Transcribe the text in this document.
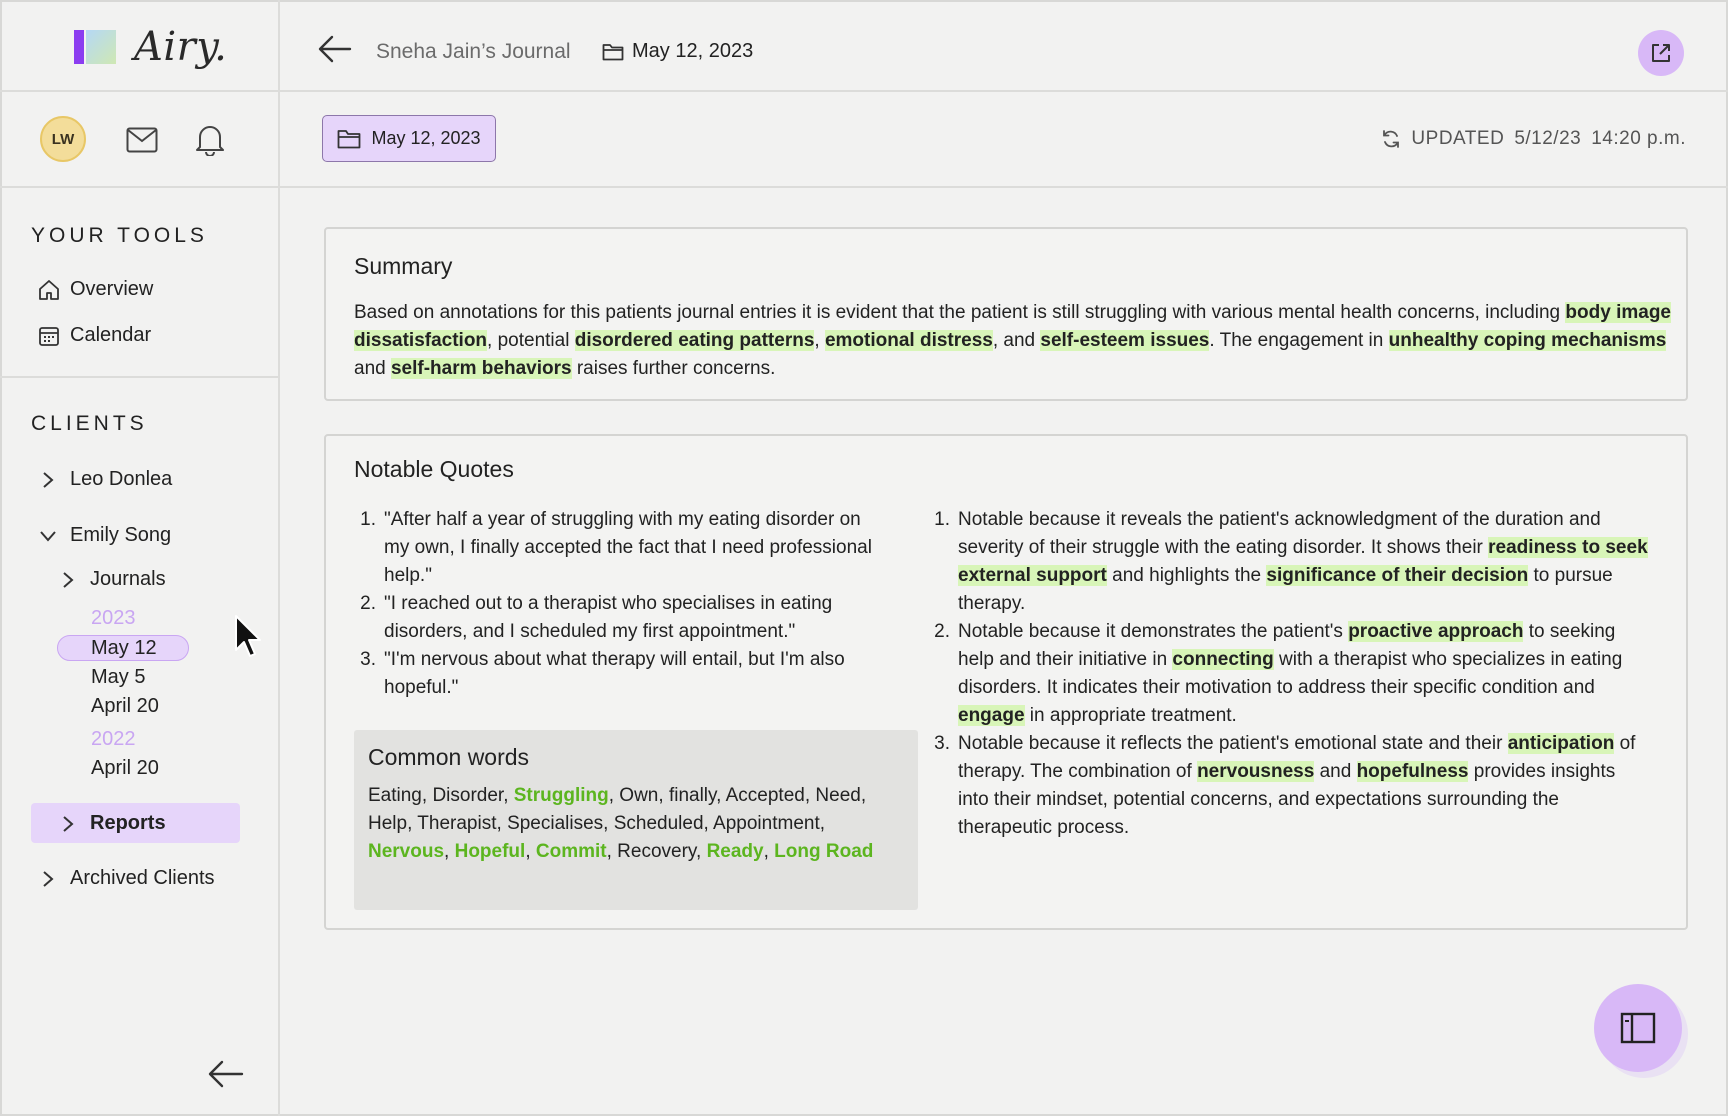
Airy.
LW
YOUR TOOLS
Overview
Calendar
CLIENTS
Leo Donlea
Emily Song
Journals
2023
May 12
May 5
April 20
2022
April 20
Reports
Archived Clients
Sneha Jain’s Journal	May 12, 2023
May 12, 2023	UPDATED 5/12/23 14:20 p.m.
Summary

Based on annotations for this patients journal entries it is evident that the patient is still struggling with various mental health concerns, including body image dissatisfaction, potential disordered eating patterns, emotional distress, and self-esteem issues. The engagement in unhealthy coping mechanisms and self-harm behaviors raises further concerns.

Notable Quotes
1. "After half a year of struggling with my eating disorder on my own, I finally accepted the fact that I need professional help."
2. "I reached out to a therapist who specialises in eating disorders, and I scheduled my first appointment."
3. "I'm nervous about what therapy will entail, but I'm also hopeful."
Common words

Eating, Disorder, Struggling, Own, finally, Accepted, Need, Help, Therapist, Specialises, Scheduled, Appointment, Nervous, Hopeful, Commit, Recovery, Ready, Long Road

1. Notable because it reveals the patient's acknowledgment of the duration and severity of their struggle with the eating disorder. It shows their readiness to seek external support and highlights the significance of their decision to pursue therapy.
2. Notable because it demonstrates the patient's proactive approach to seeking help and their initiative in connecting with a therapist who specializes in eating disorders. It indicates their motivation to address their specific condition and engage in appropriate treatment.
3. Notable because it reflects the patient's emotional state and their anticipation of therapy. The combination of nervousness and hopefulness provides insights into their mindset, potential concerns, and expectations surrounding the therapeutic process.
